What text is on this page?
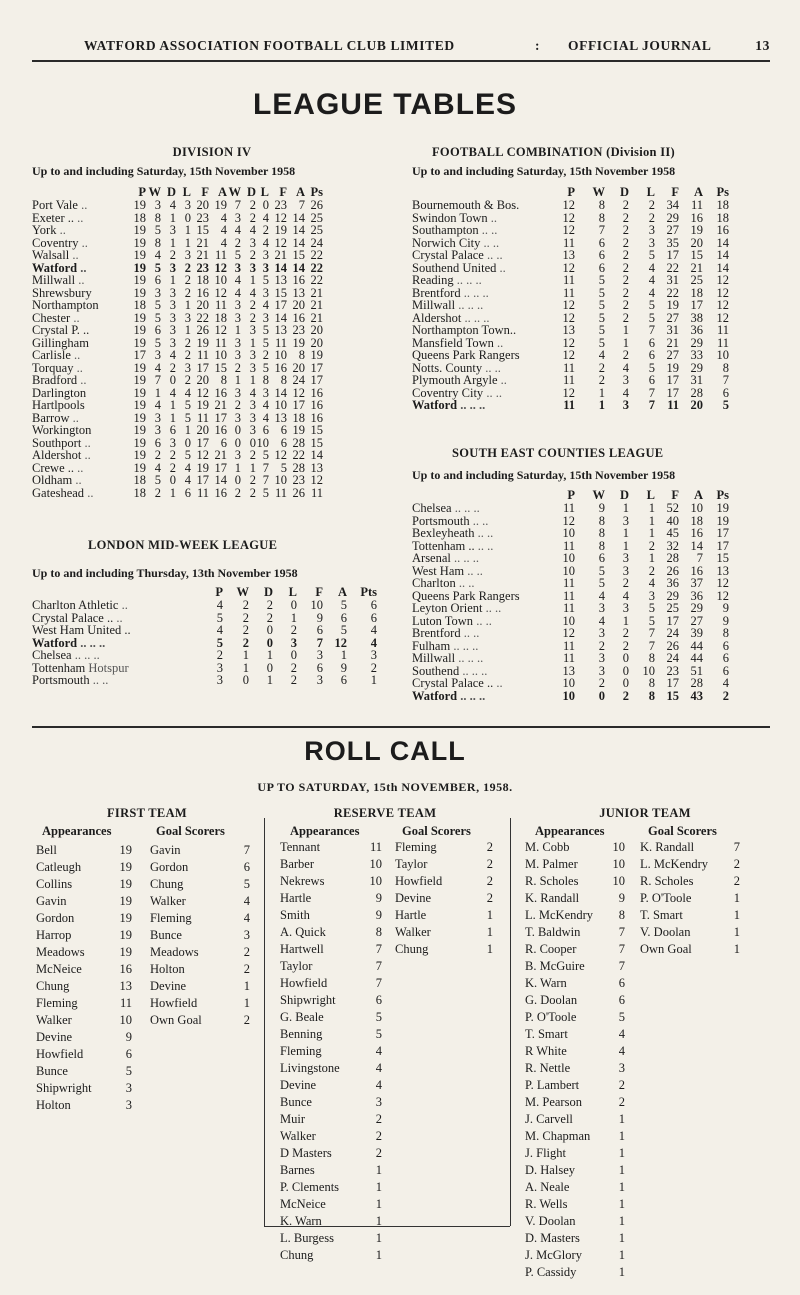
WATFORD ASSOCIATION FOOTBALL CLUB LIMITED	: OFFICIAL JOURNAL	13
LEAGUE TABLES
DIVISION IV
Up to and including Saturday, 15th November 1958
	P	W	D	L	F	A	W	D	L	F	A	Ps
Port Vale ..	19	3	4	3	20	19	7	2	0	23	7	26
Exeter .. ..	18	8	1	0	23	4	3	2	4	12	14	25
York ..	19	5	3	1	15	4	4	4	2	19	14	25
Coventry ..	19	8	1	1	21	4	2	3	4	12	14	24
Walsall ..	19	4	2	3	21	11	5	2	3	21	15	22
Watford ..	19	5	3	2	23	12	3	3	3	14	14	22
Millwall ..	19	6	1	2	18	10	4	1	5	13	16	22
Shrewsbury	19	3	3	2	16	12	4	4	3	15	13	21
Northampton	18	5	3	1	20	11	3	2	4	17	20	21
Chester ..	19	5	3	3	22	18	3	2	3	14	16	21
Crystal P. ..	19	6	3	1	26	12	1	3	5	13	23	20
Gillingham	19	5	3	2	19	11	3	1	5	11	19	20
Carlisle ..	17	3	4	2	11	10	3	3	2	10	8	19
Torquay ..	19	4	2	3	17	15	2	3	5	16	20	17
Bradford ..	19	7	0	2	20	8	1	1	8	8	24	17
Darlington	19	1	4	4	12	16	3	4	3	14	12	16
Hartlpools	19	4	1	5	19	21	2	3	4	10	17	16
Barrow ..	19	3	1	5	11	17	3	3	4	13	18	16
Workington	19	3	6	1	20	16	0	3	6	6	19	15
Southport ..	19	6	3	0	17	6	0	0	10	6	28	15
Aldershot ..	19	2	2	5	12	21	3	2	5	12	22	14
Crewe .. ..	19	4	2	4	19	17	1	1	7	5	28	13
Oldham ..	18	5	0	4	17	14	0	2	7	10	23	12
Gateshead ..	18	2	1	6	11	16	2	2	5	11	26	11
LONDON MID-WEEK LEAGUE
Up to and including Thursday, 13th November 1958
	P	W	D	L	F	A	Pts
Charlton Athletic ..	4	2	2	0	10	5	6
Crystal Palace .. ..	5	2	2	1	9	6	6
West Ham United ..	4	2	0	2	6	5	4
Watford .. .. ..	5	2	0	3	7	12	4
Chelsea .. .. ..	2	1	1	0	3	1	3
Tottenham Hotspur	3	1	0	2	6	9	2
Portsmouth .. ..	3	0	1	2	3	6	1
FOOTBALL COMBINATION (Division II)
Up to and including Saturday, 15th November 1958
	P	W	D	L	F	A	Ps
Bournemouth & Bos.	12	8	2	2	34	11	18
Swindon Town ..	12	8	2	2	29	16	18
Southampton .. ..	12	7	2	3	27	19	16
Norwich City .. ..	11	6	2	3	35	20	14
Crystal Palace .. ..	13	6	2	5	17	15	14
Southend United ..	12	6	2	4	22	21	14
Reading .. .. ..	11	5	2	4	31	25	12
Brentford .. .. ..	11	5	2	4	22	18	12
Millwall .. .. ..	12	5	2	5	19	17	12
Aldershot .. .. ..	12	5	2	5	27	38	12
Northampton Town..	13	5	1	7	31	36	11
Mansfield Town ..	12	5	1	6	21	29	11
Queens Park Rangers	12	4	2	6	27	33	10
Notts. County .. ..	11	2	4	5	19	29	8
Plymouth Argyle ..	11	2	3	6	17	31	7
Coventry City .. ..	12	1	4	7	17	28	6
Watford .. .. ..	11	1	3	7	11	20	5
SOUTH EAST COUNTIES LEAGUE
Up to and including Saturday, 15th November 1958
	P	W	D	L	F	A	Ps
Chelsea .. .. ..	11	9	1	1	52	10	19
Portsmouth .. ..	12	8	3	1	40	18	19
Bexleyheath .. ..	10	8	1	1	45	16	17
Tottenham .. .. ..	11	8	1	2	32	14	17
Arsenal .. .. ..	10	6	3	1	28	7	15
West Ham .. ..	10	5	3	2	26	16	13
Charlton .. ..	11	5	2	4	36	37	12
Queens Park Rangers	11	4	4	3	29	36	12
Leyton Orient .. ..	11	3	3	5	25	29	9
Luton Town .. ..	10	4	1	5	17	27	9
Brentford .. ..	12	3	2	7	24	39	8
Fulham .. .. ..	11	2	2	7	26	44	6
Millwall .. .. ..	11	3	0	8	24	44	6
Southend .. .. ..	13	3	0	10	23	51	6
Crystal Palace .. ..	10	2	0	8	17	28	4
Watford .. .. ..	10	0	2	8	15	43	2
ROLL CALL
UP TO SATURDAY, 15th NOVEMBER, 1958.
FIRST TEAM
Appearances	Goal Scorers
Bell	19
Catleugh	19
Collins	19
Gavin	19
Gordon	19
Harrop	19
Meadows	19
McNeice	16
Chung	13
Fleming	11
Walker	10
Devine	9
Howfield	6
Bunce	5
Shipwright	3
Holton	3
Gavin	7
Gordon	6
Chung	5
Walker	4
Fleming	4
Bunce	3
Meadows	2
Holton	2
Devine	1
Howfield	1
Own Goal	2
RESERVE TEAM
Appearances	Goal Scorers
Tennant	11
Barber	10
Nekrews	10
Hartle	9
Smith	9
A. Quick	8
Hartwell	7
Taylor	7
Howfield	7
Shipwright	6
G. Beale	5
Benning	5
Fleming	4
Livingstone	4
Devine	4
Bunce	3
Muir	2
Walker	2
D Masters	2
Barnes	1
P. Clements	1
McNeice	1
K. Warn	1
L. Burgess	1
Chung	1
Fleming	2
Taylor	2
Howfield	2
Devine	2
Hartle	1
Walker	1
Chung	1
JUNIOR TEAM
Appearances	Goal Scorers
M. Cobb	10
M. Palmer	10
R. Scholes	10
K. Randall	9
L. McKendry	8
T. Baldwin	7
R. Cooper	7
B. McGuire	7
K. Warn	6
G. Doolan	6
P. O'Toole	5
T. Smart	4
R White	4
R. Nettle	3
P. Lambert	2
M. Pearson	2
J. Carvell	1
M. Chapman	1
J. Flight	1
D. Halsey	1
A. Neale	1
R. Wells	1
V. Doolan	1
D. Masters	1
J. McGlory	1
P. Cassidy	1
K. Randall	7
L. McKendry	2
R. Scholes	2
P. O'Toole	1
T. Smart	1
V. Doolan	1
Own Goal	1
